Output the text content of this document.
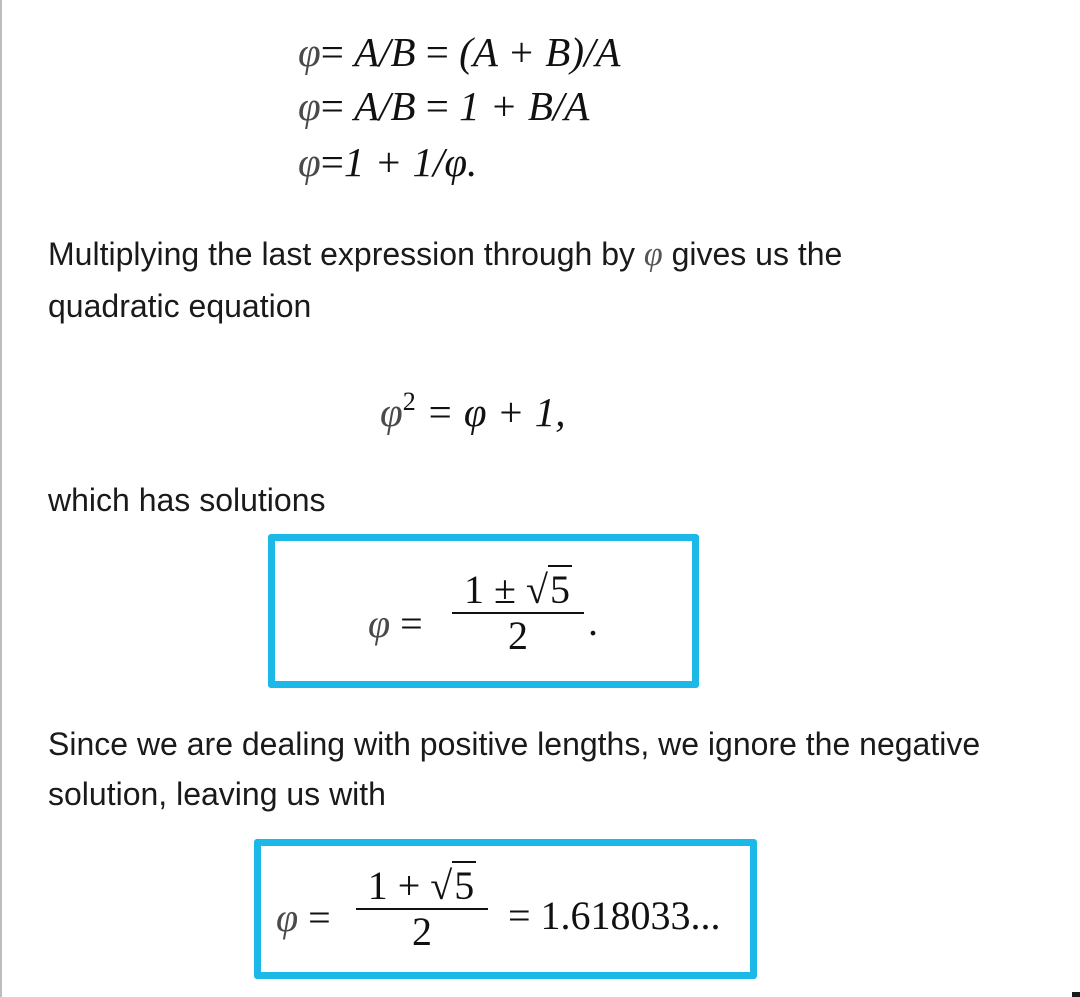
φ= A/B = (A + B)/A
φ= A/B = 1 + B/A
φ=1 + 1/φ.
Multiplying the last expression through by φ gives us the
quadratic equation
$\varphi^2 = \varphi + 1$,
which has solutions
φ =
1 ± √5
2 .
Since we are dealing with positive lengths, we ignore the negative
solution, leaving us with
φ =
1 + √5
2 = 1.618033...
